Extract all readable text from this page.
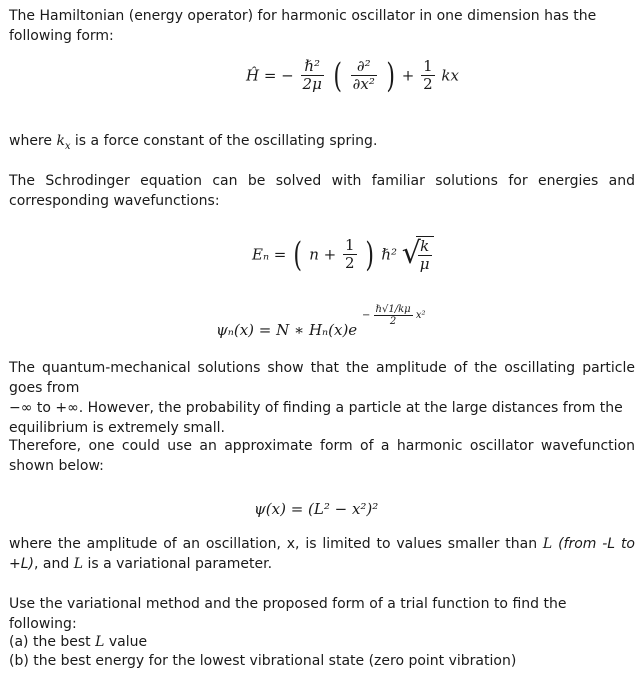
The Hamiltonian (energy operator) for harmonic oscillator in one dimension has the following form:

Ĥ = − $\frac{\text{ℏ²}}{2\mu}$ ( $\frac{\text{∂²}}{\text{∂x²}}$ ) + $\frac{1}{2}$ kx

where $k_x$ is a force constant of the oscillating spring.

The Schrodinger equation can be solved with familiar solutions for energies and corresponding wavefunctions:

Eₙ = ( $n + \frac{1}{2}$ ) ℏ² √
$\frac{k}{\mu}$
ψₙ(x) = N ∗ $H_n(x)e - \frac{\text{ℏ√1/kμ}}{2} x^2$

The quantum-mechanical solutions show that the amplitude of the oscillating particle goes from
−∞ to +∞. However, the probability of finding a particle at the large distances from the
equilibrium is extremely small.

Therefore, one could use an approximate form of a harmonic oscillator wavefunction shown below:

ψ(x) = (L² − x²)²

where the amplitude of an oscillation, x, is limited to values smaller than L (from -L to +L), and L is a variational parameter.

Use the variational method and the proposed form of a trial function to find the following:

(a) the best L value

(b) the best energy for the lowest vibrational state (zero point vibration)
